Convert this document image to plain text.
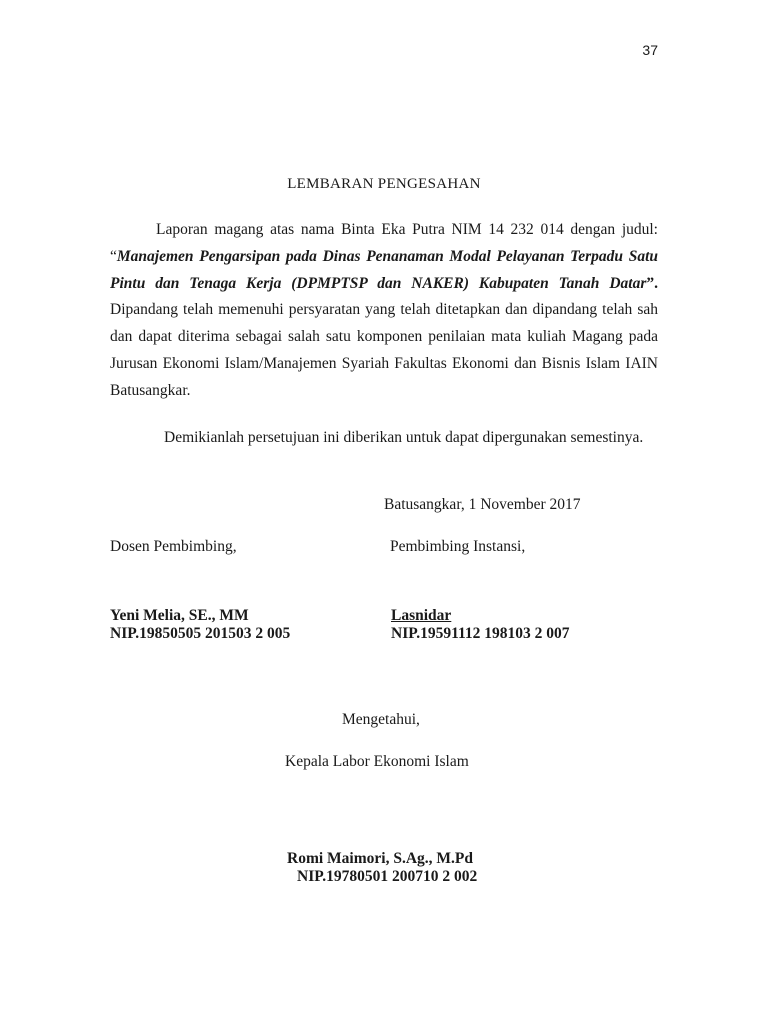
37
LEMBARAN PENGESAHAN
Laporan magang atas nama Binta Eka Putra NIM 14 232 014 dengan judul: “Manajemen Pengarsipan pada Dinas Penanaman Modal Pelayanan Terpadu Satu Pintu dan Tenaga Kerja (DPMPTSP dan NAKER) Kabupaten Tanah Datar”. Dipandang telah memenuhi persyaratan yang telah ditetapkan dan dipandang telah sah dan dapat diterima sebagai salah satu komponen penilaian mata kuliah Magang pada Jurusan Ekonomi Islam/Manajemen Syariah Fakultas Ekonomi dan Bisnis Islam IAIN Batusangkar.
Demikianlah persetujuan ini diberikan untuk dapat dipergunakan semestinya.
Batusangkar, 1 November 2017
Dosen Pembimbing,	Pembimbing Instansi,
Yeni Melia, SE., MM	Lasnidar
NIP.19850505 201503 2 005	NIP.19591112 198103 2 007
Mengetahui,
Kepala Labor Ekonomi Islam
Romi Maimori, S.Ag., M.Pd
NIP.19780501 200710 2 002
